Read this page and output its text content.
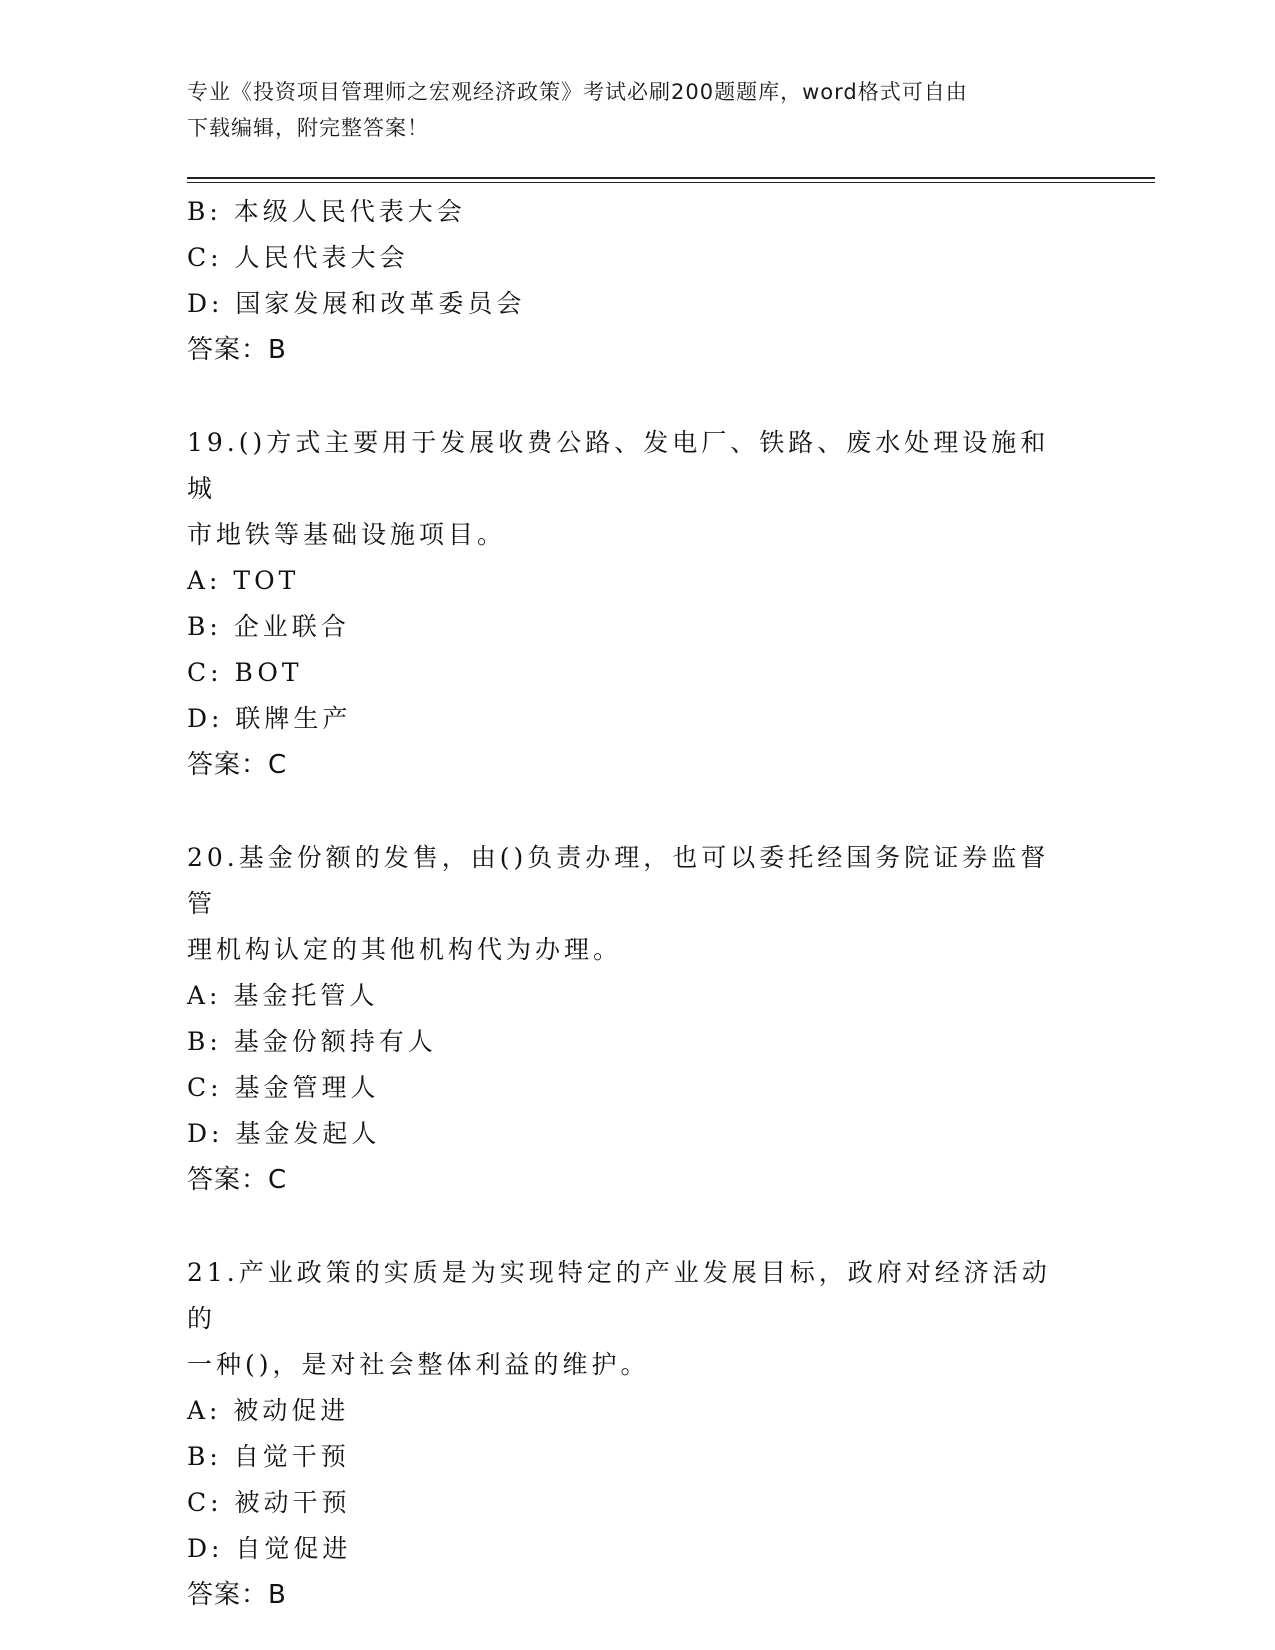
专业《投资项目管理师之宏观经济政策》考试必刷200题题库，word格式可自由
下载编辑，附完整答案！
B: 本级人民代表大会
C: 人民代表大会
D: 国家发展和改革委员会
答案：B
19.()方式主要用于发展收费公路、发电厂、铁路、废水处理设施和城
市地铁等基础设施项目。
A: TOT
B: 企业联合
C: BOT
D: 联牌生产
答案：C
20.基金份额的发售，由()负责办理，也可以委托经国务院证券监督管
理机构认定的其他机构代为办理。
A: 基金托管人
B: 基金份额持有人
C: 基金管理人
D: 基金发起人
答案：C
21.产业政策的实质是为实现特定的产业发展目标，政府对经济活动的
一种()，是对社会整体利益的维护。
A: 被动促进
B: 自觉干预
C: 被动干预
D: 自觉促进
答案：B
